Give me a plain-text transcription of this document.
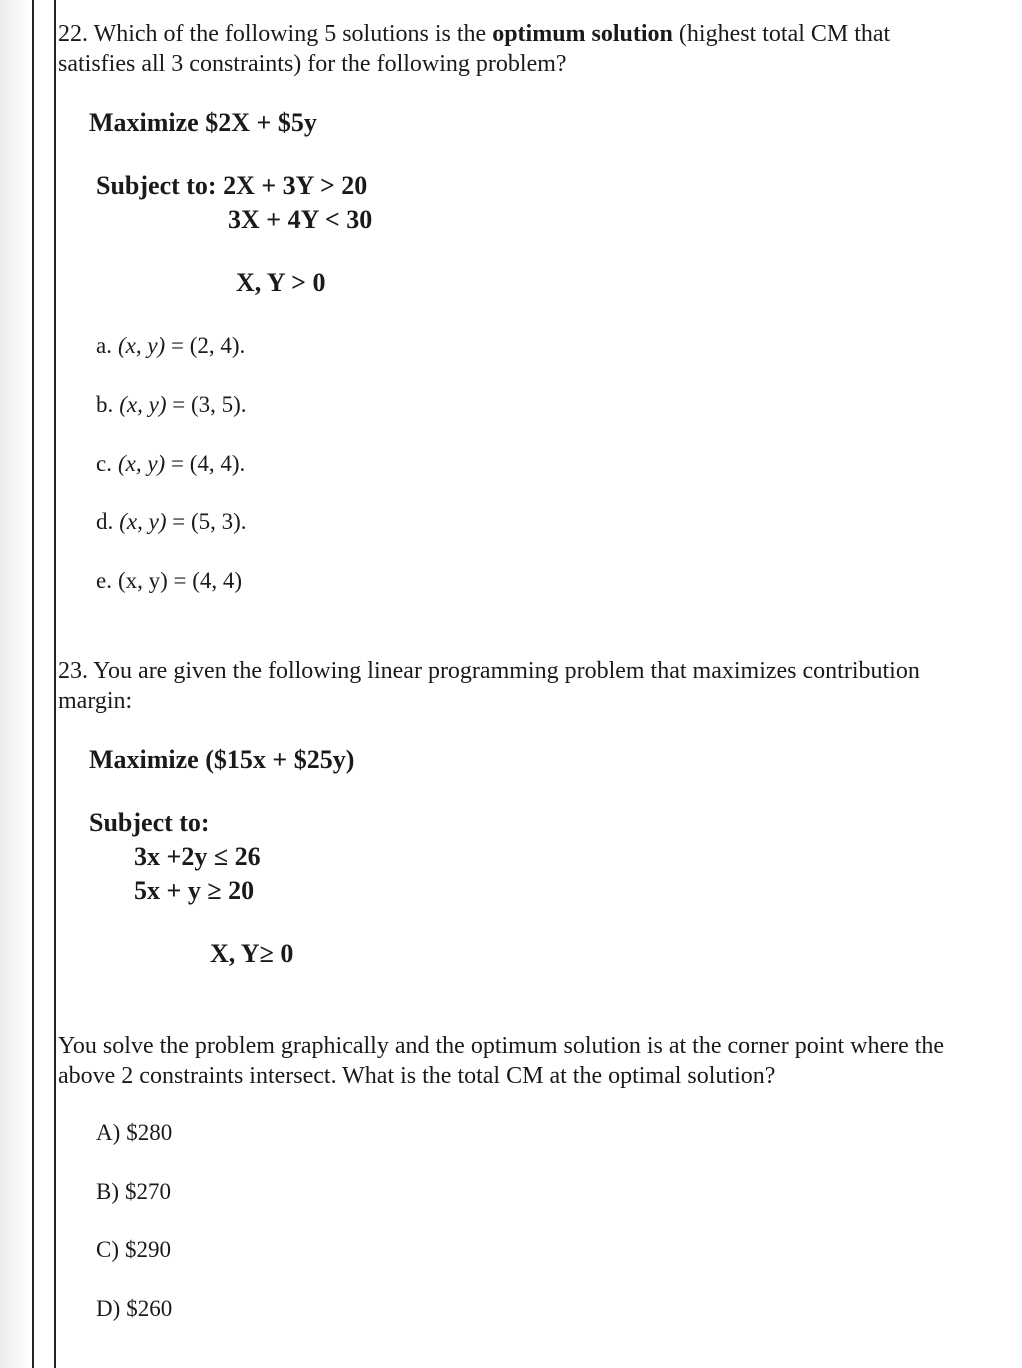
22. Which of the following 5 solutions is the optimum solution (highest total CM that
satisfies all 3 constraints) for the following problem?
Maximize $2X + $5y
Subject to: 2X + 3Y > 20
3X + 4Y < 30
X, Y > 0
a. (x, y) = (2, 4).
b. (x, y) = (3, 5).
c. (x, y) = (4, 4).
d. (x, y) = (5, 3).
e. (x, y) = (4, 4)
23. You are given the following linear programming problem that maximizes contribution
margin:
Maximize ($15x + $25y)
Subject to:
3x +2y ≤ 26
5x + y ≥ 20
X, Y≥ 0
You solve the problem graphically and the optimum solution is at the corner point where the
above 2 constraints intersect. What is the total CM at the optimal solution?
A) $280
B) $270
C) $290
D) $260
